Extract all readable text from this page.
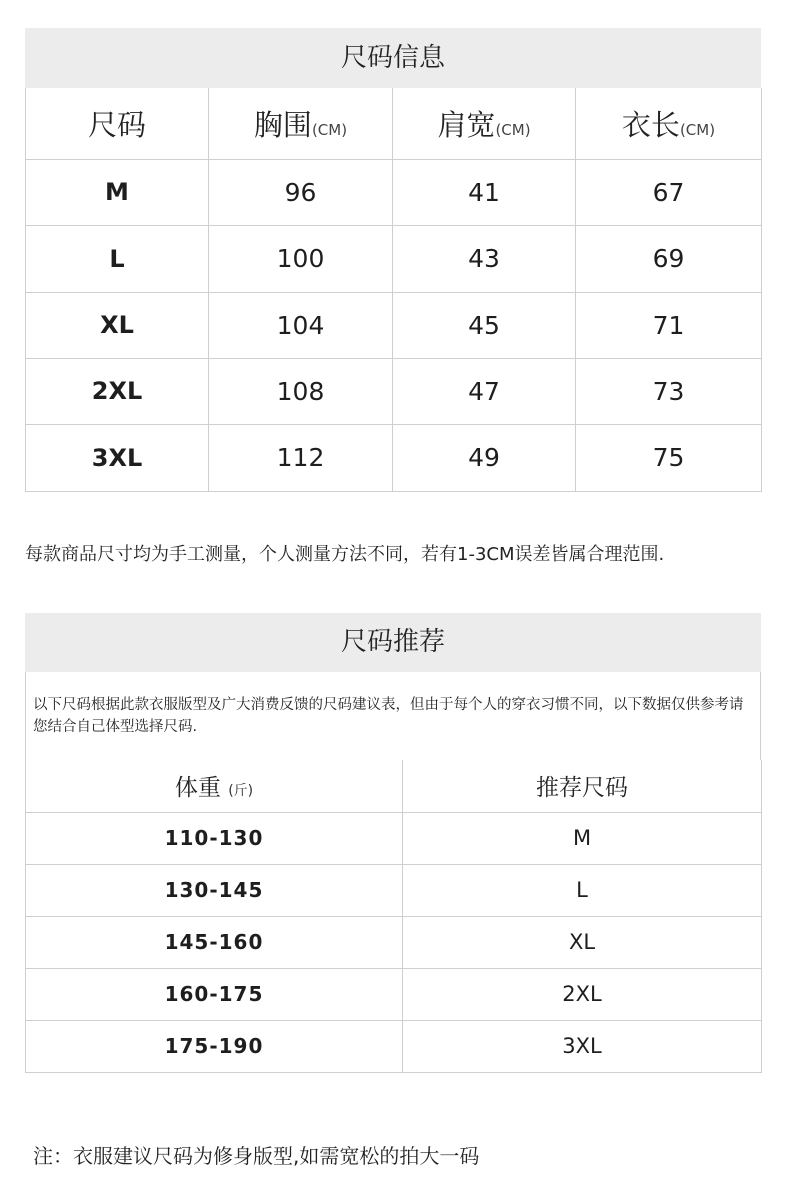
尺码信息
尺码	胸围(CM)	肩宽(CM)	衣长(CM)
M	96	41	67
L	100	43	69
XL	104	45	71
2XL	108	47	73
3XL	112	49	75
每款商品尺寸均为手工测量，个人测量方法不同，若有1-3CM误差皆属合理范围.
尺码推荐
以下尺码根据此款衣服版型及广大消费反馈的尺码建议表，但由于每个人的穿衣习惯不同，以下数据仅供参考请您结合自己体型选择尺码.
体重 (斤)	推荐尺码
110-130	M
130-145	L
145-160	XL
160-175	2XL
175-190	3XL
注：衣服建议尺码为修身版型,如需宽松的拍大一码
